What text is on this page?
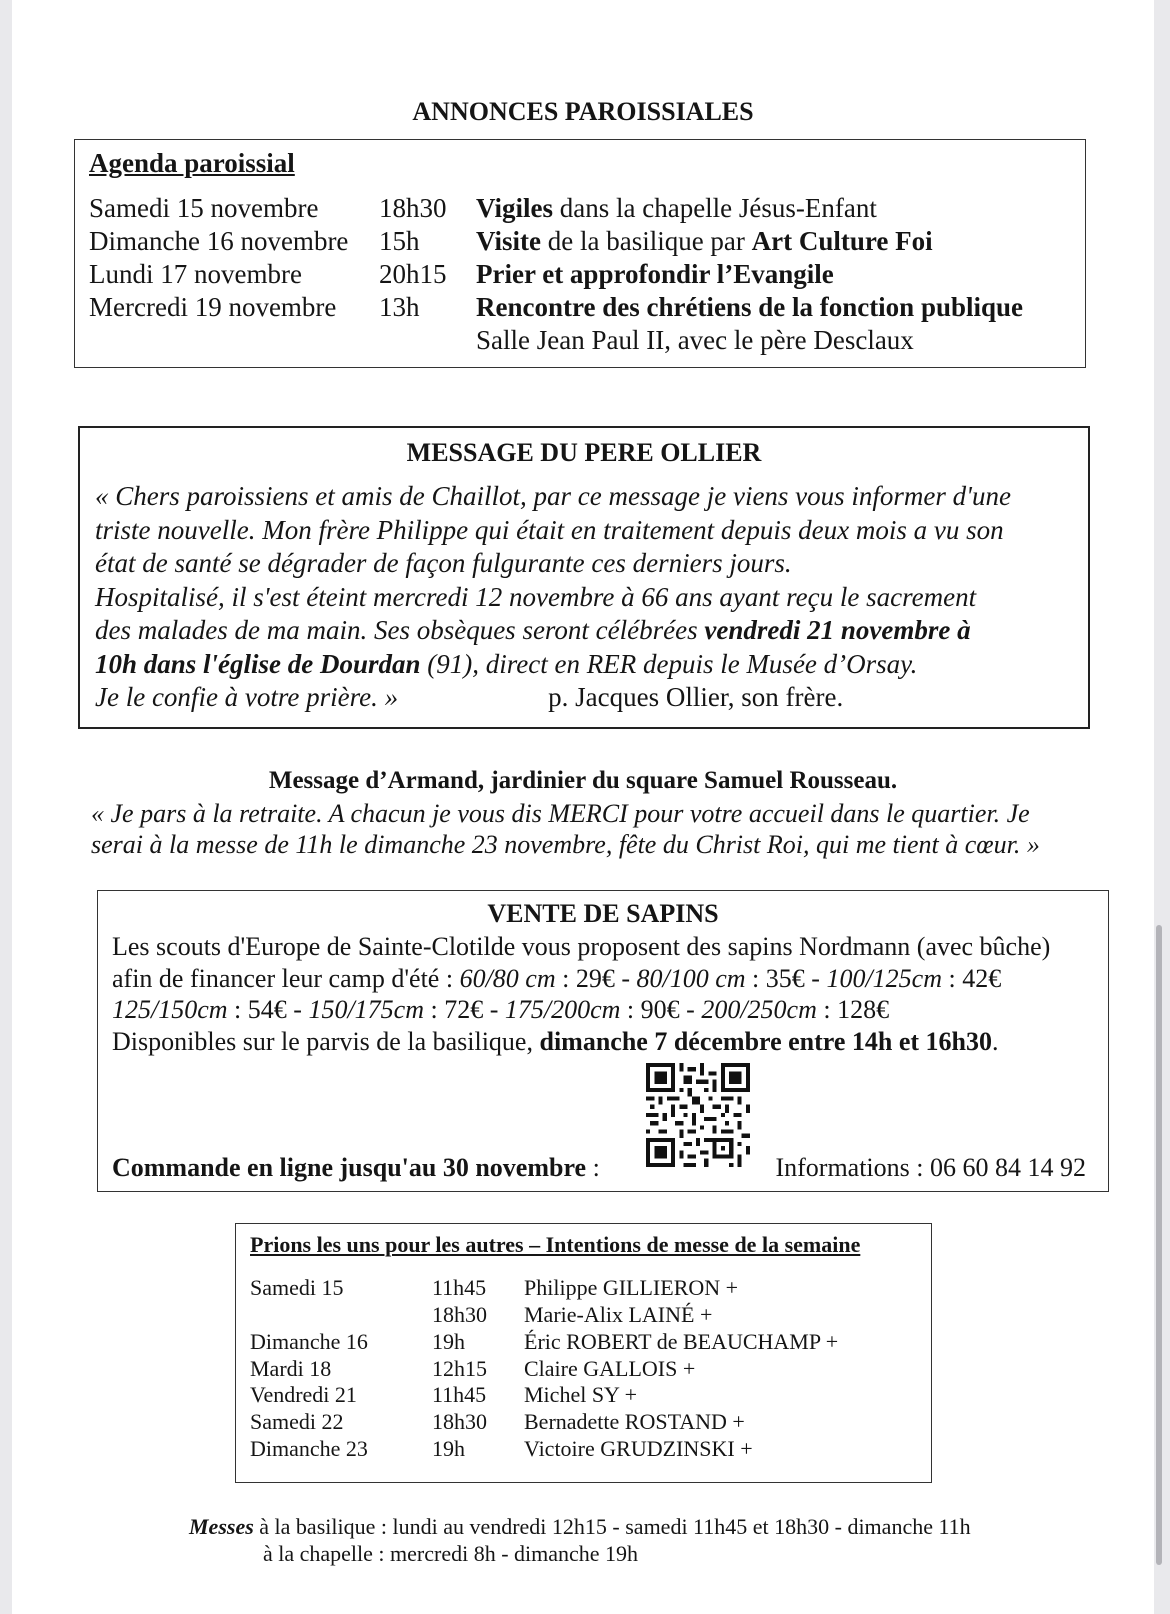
ANNONCES PAROISSIALES
Agenda paroissial
Samedi 15 novembre 18h30 Vigiles dans la chapelle Jésus-Enfant
Dimanche 16 novembre 15h Visite de la basilique par Art Culture Foi
Lundi 17 novembre	20h15 Prier et approfondir l’Evangile
Mercredi 19 novembre 13h Rencontre des chrétiens de la fonction publique
Salle Jean Paul II, avec le père Desclaux
MESSAGE DU PERE OLLIER
« Chers paroissiens et amis de Chaillot, par ce message je viens vous informer d'une
triste nouvelle. Mon frère Philippe qui était en traitement depuis deux mois a vu son
état de santé se dégrader de façon fulgurante ces derniers jours.
Hospitalisé, il s'est éteint mercredi 12 novembre à 66 ans ayant reçu le sacrement
des malades de ma main. Ses obsèques seront célébrées vendredi 21 novembre à
10h dans l'église de Dourdan (91), direct en RER depuis le Musée d’Orsay.
Je le confie à votre prière. »	p. Jacques Ollier, son frère.
Message d’Armand, jardinier du square Samuel Rousseau.
« Je pars à la retraite. A chacun je vous dis MERCI pour votre accueil dans le quartier. Je
serai à la messe de 11h le dimanche 23 novembre, fête du Christ Roi, qui me tient à cœur. »
VENTE DE SAPINS
Les scouts d'Europe de Sainte-Clotilde vous proposent des sapins Nordmann (avec bûche)
afin de financer leur camp d'été : 60/80 cm : 29€ - 80/100 cm : 35€ - 100/125cm : 42€
125/150cm : 54€ - 150/175cm : 72€ - 175/200cm : 90€ - 200/250cm : 128€
Disponibles sur le parvis de la basilique, dimanche 7 décembre entre 14h et 16h30.
Commande en ligne jusqu'au 30 novembre :	Informations : 06 60 84 14 92
Prions les uns pour les autres – Intentions de messe de la semaine
Samedi 15	11h45 Philippe GILLIERON +
18h30 Marie-Alix LAINÉ +
Dimanche 16	19h	Éric ROBERT de BEAUCHAMP +
Mardi 18	12h15 Claire GALLOIS +
Vendredi 21	11h45 Michel SY +
Samedi 22	18h30 Bernadette ROSTAND +
Dimanche 23	19h	Victoire GRUDZINSKI +
Messes à la basilique : lundi au vendredi 12h15 - samedi 11h45 et 18h30 - dimanche 11h
à la chapelle : mercredi 8h - dimanche 19h
